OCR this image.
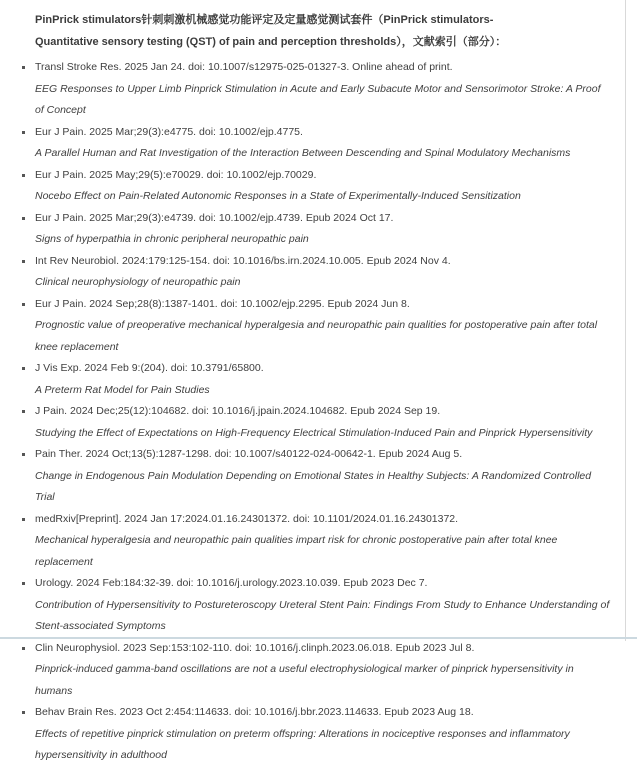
PinPrick stimulators针刺刺激机械感觉功能评定及定量感觉测试套件（PinPrick stimulators- Quantitative sensory testing (QST) of pain and perception thresholds），文献索引（部分）：
Transl Stroke Res. 2025 Jan 24. doi: 10.1007/s12975-025-01327-3. Online ahead of print.
EEG Responses to Upper Limb Pinprick Stimulation in Acute and Early Subacute Motor and Sensorimotor Stroke: A Proof of Concept
Eur J Pain. 2025 Mar;29(3):e4775. doi: 10.1002/ejp.4775.
A Parallel Human and Rat Investigation of the Interaction Between Descending and Spinal Modulatory Mechanisms
Eur J Pain. 2025 May;29(5):e70029. doi: 10.1002/ejp.70029.
Nocebo Effect on Pain-Related Autonomic Responses in a State of Experimentally-Induced Sensitization
Eur J Pain. 2025 Mar;29(3):e4739. doi: 10.1002/ejp.4739. Epub 2024 Oct 17.
Signs of hyperpathia in chronic peripheral neuropathic pain
Int Rev Neurobiol. 2024:179:125-154. doi: 10.1016/bs.irn.2024.10.005. Epub 2024 Nov 4.
Clinical neurophysiology of neuropathic pain
Eur J Pain. 2024 Sep;28(8):1387-1401. doi: 10.1002/ejp.2295. Epub 2024 Jun 8.
Prognostic value of preoperative mechanical hyperalgesia and neuropathic pain qualities for postoperative pain after total knee replacement
J Vis Exp. 2024 Feb 9:(204). doi: 10.3791/65800.
A Preterm Rat Model for Pain Studies
J Pain. 2024 Dec;25(12):104682. doi: 10.1016/j.jpain.2024.104682. Epub 2024 Sep 19.
Studying the Effect of Expectations on High-Frequency Electrical Stimulation-Induced Pain and Pinprick Hypersensitivity
Pain Ther. 2024 Oct;13(5):1287-1298. doi: 10.1007/s40122-024-00642-1. Epub 2024 Aug 5.
Change in Endogenous Pain Modulation Depending on Emotional States in Healthy Subjects: A Randomized Controlled Trial
medRxiv[Preprint]. 2024 Jan 17:2024.01.16.24301372. doi: 10.1101/2024.01.16.24301372.
Mechanical hyperalgesia and neuropathic pain qualities impart risk for chronic postoperative pain after total knee replacement
Urology. 2024 Feb:184:32-39. doi: 10.1016/j.urology.2023.10.039. Epub 2023 Dec 7.
Contribution of Hypersensitivity to Postureteroscopy Ureteral Stent Pain: Findings From Study to Enhance Understanding of Stent-associated Symptoms
Clin Neurophysiol. 2023 Sep:153:102-110. doi: 10.1016/j.clinph.2023.06.018. Epub 2023 Jul 8.
Pinprick-induced gamma-band oscillations are not a useful electrophysiological marker of pinprick hypersensitivity in humans
Behav Brain Res. 2023 Oct 2:454:114633. doi: 10.1016/j.bbr.2023.114633. Epub 2023 Aug 18.
Effects of repetitive pinprick stimulation on preterm offspring: Alterations in nociceptive responses and inflammatory hypersensitivity in adulthood
